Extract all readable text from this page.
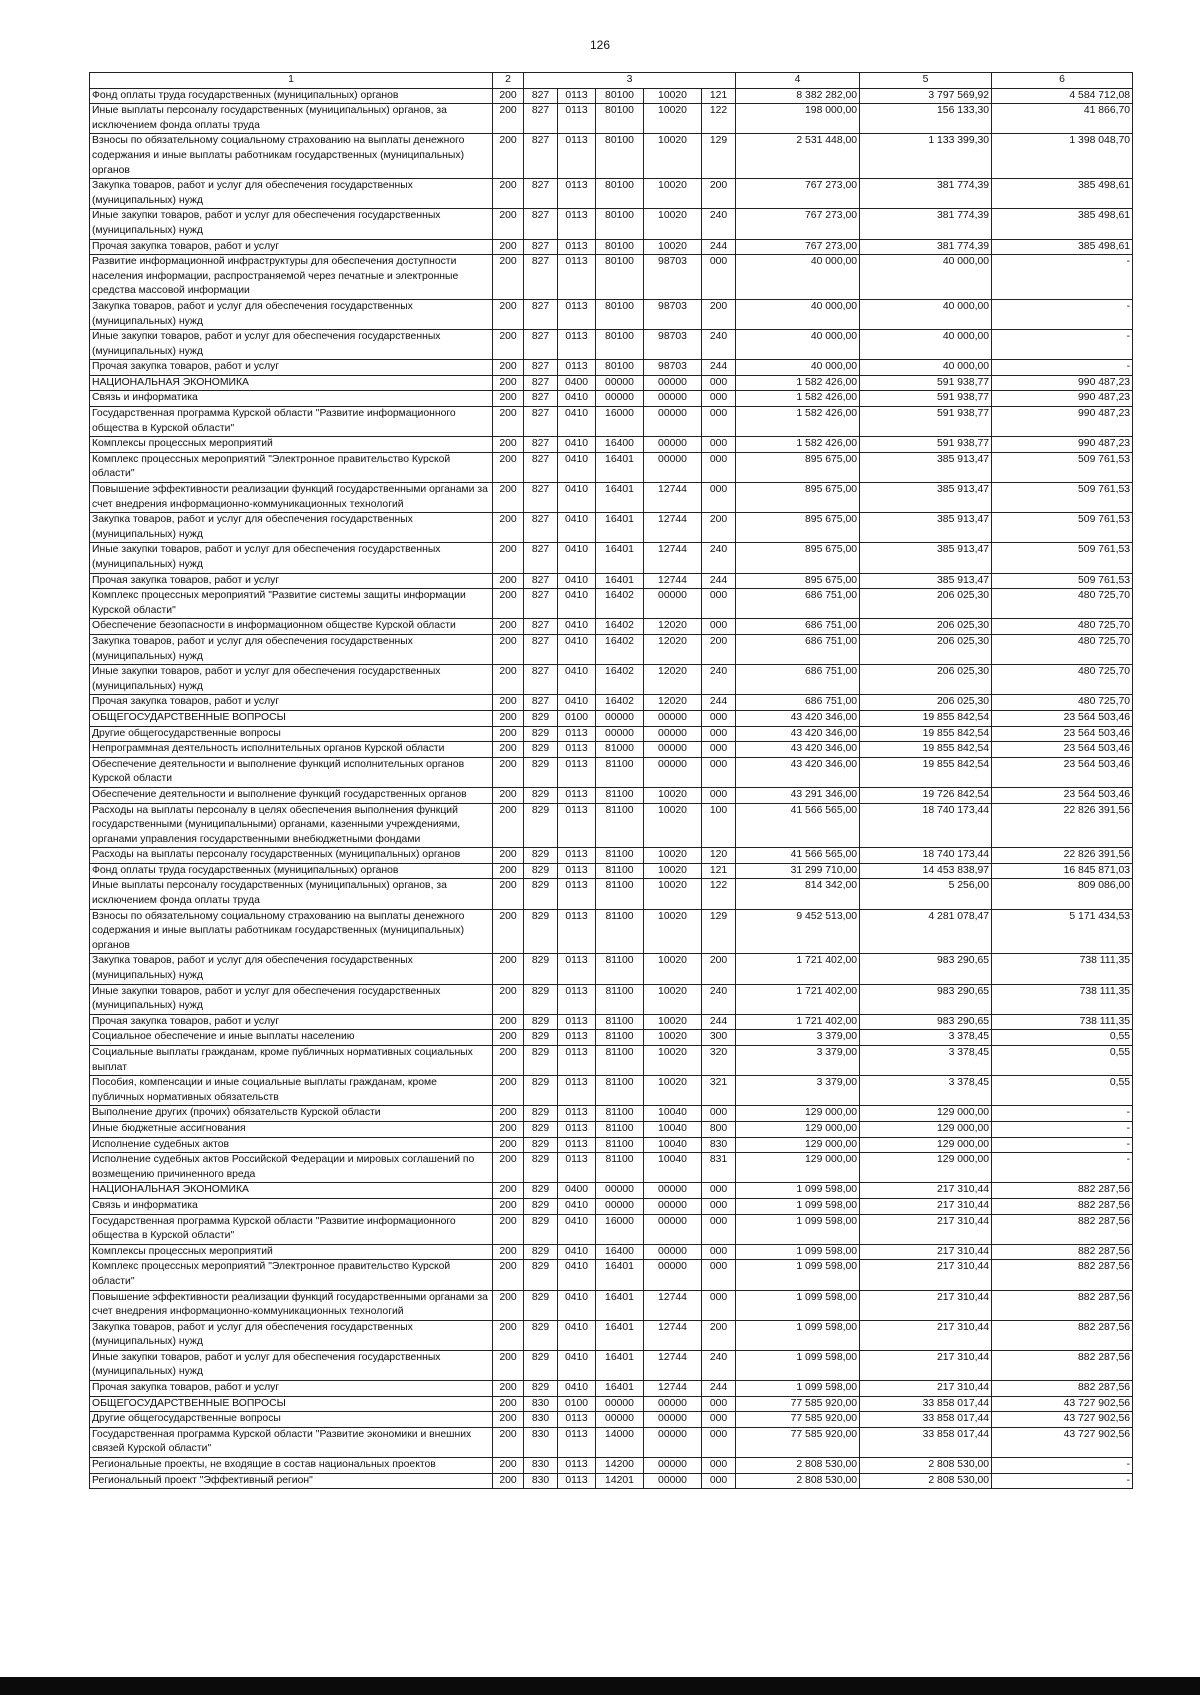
126
1	2	3					4	5	6
Фонд оплаты труда государственных (муниципальных) органов	200	827	0113	80100	10020	121	8 382 282,00	3 797 569,92	4 584 712,08
Иные выплаты персоналу государственных (муниципальных) органов, за исключением фонда оплаты труда	200	827	0113	80100	10020	122	198 000,00	156 133,30	41 866,70
Взносы по обязательному социальному страхованию на выплаты денежного содержания и иные выплаты работникам государственных (муниципальных) органов	200	827	0113	80100	10020	129	2 531 448,00	1 133 399,30	1 398 048,70
Закупка товаров, работ и услуг для обеспечения государственных (муниципальных) нужд	200	827	0113	80100	10020	200	767 273,00	381 774,39	385 498,61
Иные закупки товаров, работ и услуг для обеспечения государственных (муниципальных) нужд	200	827	0113	80100	10020	240	767 273,00	381 774,39	385 498,61
Прочая закупка товаров, работ и услуг	200	827	0113	80100	10020	244	767 273,00	381 774,39	385 498,61
Развитие информационной инфраструктуры для обеспечения доступности населения информации, распространяемой через печатные и электронные средства массовой информации	200	827	0113	80100	98703	000	40 000,00	40 000,00	-
Закупка товаров, работ и услуг для обеспечения государственных (муниципальных) нужд	200	827	0113	80100	98703	200	40 000,00	40 000,00	-
Иные закупки товаров, работ и услуг для обеспечения государственных (муниципальных) нужд	200	827	0113	80100	98703	240	40 000,00	40 000,00	-
Прочая закупка товаров, работ и услуг	200	827	0113	80100	98703	244	40 000,00	40 000,00	-
НАЦИОНАЛЬНАЯ ЭКОНОМИКА	200	827	0400	00000	00000	000	1 582 426,00	591 938,77	990 487,23
Связь и информатика	200	827	0410	00000	00000	000	1 582 426,00	591 938,77	990 487,23
Государственная программа Курской области "Развитие информационного общества в Курской области"	200	827	0410	16000	00000	000	1 582 426,00	591 938,77	990 487,23
Комплексы процессных мероприятий	200	827	0410	16400	00000	000	1 582 426,00	591 938,77	990 487,23
Комплекс процессных мероприятий "Электронное правительство Курской области"	200	827	0410	16401	00000	000	895 675,00	385 913,47	509 761,53
Повышение эффективности реализации функций государственными органами за счет внедрения информационно-коммуникационных технологий	200	827	0410	16401	12744	000	895 675,00	385 913,47	509 761,53
Закупка товаров, работ и услуг для обеспечения государственных (муниципальных) нужд	200	827	0410	16401	12744	200	895 675,00	385 913,47	509 761,53
Иные закупки товаров, работ и услуг для обеспечения государственных (муниципальных) нужд	200	827	0410	16401	12744	240	895 675,00	385 913,47	509 761,53
Прочая закупка товаров, работ и услуг	200	827	0410	16401	12744	244	895 675,00	385 913,47	509 761,53
Комплекс процессных мероприятий "Развитие системы защиты информации Курской области"	200	827	0410	16402	00000	000	686 751,00	206 025,30	480 725,70
Обеспечение безопасности в информационном обществе Курской области	200	827	0410	16402	12020	000	686 751,00	206 025,30	480 725,70
Закупка товаров, работ и услуг для обеспечения государственных (муниципальных) нужд	200	827	0410	16402	12020	200	686 751,00	206 025,30	480 725,70
Иные закупки товаров, работ и услуг для обеспечения государственных (муниципальных) нужд	200	827	0410	16402	12020	240	686 751,00	206 025,30	480 725,70
Прочая закупка товаров, работ и услуг	200	827	0410	16402	12020	244	686 751,00	206 025,30	480 725,70
ОБЩЕГОСУДАРСТВЕННЫЕ ВОПРОСЫ	200	829	0100	00000	00000	000	43 420 346,00	19 855 842,54	23 564 503,46
Другие общегосударственные вопросы	200	829	0113	00000	00000	000	43 420 346,00	19 855 842,54	23 564 503,46
Непрограммная деятельность исполнительных органов Курской области	200	829	0113	81000	00000	000	43 420 346,00	19 855 842,54	23 564 503,46
Обеспечение деятельности и выполнение функций исполнительных органов Курской области	200	829	0113	81100	00000	000	43 420 346,00	19 855 842,54	23 564 503,46
Обеспечение деятельности и выполнение функций государственных органов	200	829	0113	81100	10020	000	43 291 346,00	19 726 842,54	23 564 503,46
Расходы на выплаты персоналу в целях обеспечения выполнения функций государственными (муниципальными) органами, казенными учреждениями, органами управления государственными внебюджетными фондами	200	829	0113	81100	10020	100	41 566 565,00	18 740 173,44	22 826 391,56
Расходы на выплаты персоналу государственных (муниципальных) органов	200	829	0113	81100	10020	120	41 566 565,00	18 740 173,44	22 826 391,56
Фонд оплаты труда государственных (муниципальных) органов	200	829	0113	81100	10020	121	31 299 710,00	14 453 838,97	16 845 871,03
Иные выплаты персоналу государственных (муниципальных) органов, за исключением фонда оплаты труда	200	829	0113	81100	10020	122	814 342,00	5 256,00	809 086,00
Взносы по обязательному социальному страхованию на выплаты денежного содержания и иные выплаты работникам государственных (муниципальных) органов	200	829	0113	81100	10020	129	9 452 513,00	4 281 078,47	5 171 434,53
Закупка товаров, работ и услуг для обеспечения государственных (муниципальных) нужд	200	829	0113	81100	10020	200	1 721 402,00	983 290,65	738 111,35
Иные закупки товаров, работ и услуг для обеспечения государственных (муниципальных) нужд	200	829	0113	81100	10020	240	1 721 402,00	983 290,65	738 111,35
Прочая закупка товаров, работ и услуг	200	829	0113	81100	10020	244	1 721 402,00	983 290,65	738 111,35
Социальное обеспечение и иные выплаты населению	200	829	0113	81100	10020	300	3 379,00	3 378,45	0,55
Социальные выплаты гражданам, кроме публичных нормативных социальных выплат	200	829	0113	81100	10020	320	3 379,00	3 378,45	0,55
Пособия, компенсации и иные социальные выплаты гражданам, кроме публичных нормативных обязательств	200	829	0113	81100	10020	321	3 379,00	3 378,45	0,55
Выполнение других (прочих) обязательств Курской области	200	829	0113	81100	10040	000	129 000,00	129 000,00	-
Иные бюджетные ассигнования	200	829	0113	81100	10040	800	129 000,00	129 000,00	-
Исполнение судебных актов	200	829	0113	81100	10040	830	129 000,00	129 000,00	-
Исполнение судебных актов Российской Федерации и мировых соглашений по возмещению причиненного вреда	200	829	0113	81100	10040	831	129 000,00	129 000,00	-
НАЦИОНАЛЬНАЯ ЭКОНОМИКА	200	829	0400	00000	00000	000	1 099 598,00	217 310,44	882 287,56
Связь и информатика	200	829	0410	00000	00000	000	1 099 598,00	217 310,44	882 287,56
Государственная программа Курской области "Развитие информационного общества в Курской области"	200	829	0410	16000	00000	000	1 099 598,00	217 310,44	882 287,56
Комплексы процессных мероприятий	200	829	0410	16400	00000	000	1 099 598,00	217 310,44	882 287,56
Комплекс процессных мероприятий "Электронное правительство Курской области"	200	829	0410	16401	00000	000	1 099 598,00	217 310,44	882 287,56
Повышение эффективности реализации функций государственными органами за счет внедрения информационно-коммуникационных технологий	200	829	0410	16401	12744	000	1 099 598,00	217 310,44	882 287,56
Закупка товаров, работ и услуг для обеспечения государственных (муниципальных) нужд	200	829	0410	16401	12744	200	1 099 598,00	217 310,44	882 287,56
Иные закупки товаров, работ и услуг для обеспечения государственных (муниципальных) нужд	200	829	0410	16401	12744	240	1 099 598,00	217 310,44	882 287,56
Прочая закупка товаров, работ и услуг	200	829	0410	16401	12744	244	1 099 598,00	217 310,44	882 287,56
ОБЩЕГОСУДАРСТВЕННЫЕ ВОПРОСЫ	200	830	0100	00000	00000	000	77 585 920,00	33 858 017,44	43 727 902,56
Другие общегосударственные вопросы	200	830	0113	00000	00000	000	77 585 920,00	33 858 017,44	43 727 902,56
Государственная программа Курской области "Развитие экономики и внешних связей Курской области"	200	830	0113	14000	00000	000	77 585 920,00	33 858 017,44	43 727 902,56
Региональные проекты, не входящие в состав национальных проектов	200	830	0113	14200	00000	000	2 808 530,00	2 808 530,00	-
Региональный проект "Эффективный регион"	200	830	0113	14201	00000	000	2 808 530,00	2 808 530,00	-
